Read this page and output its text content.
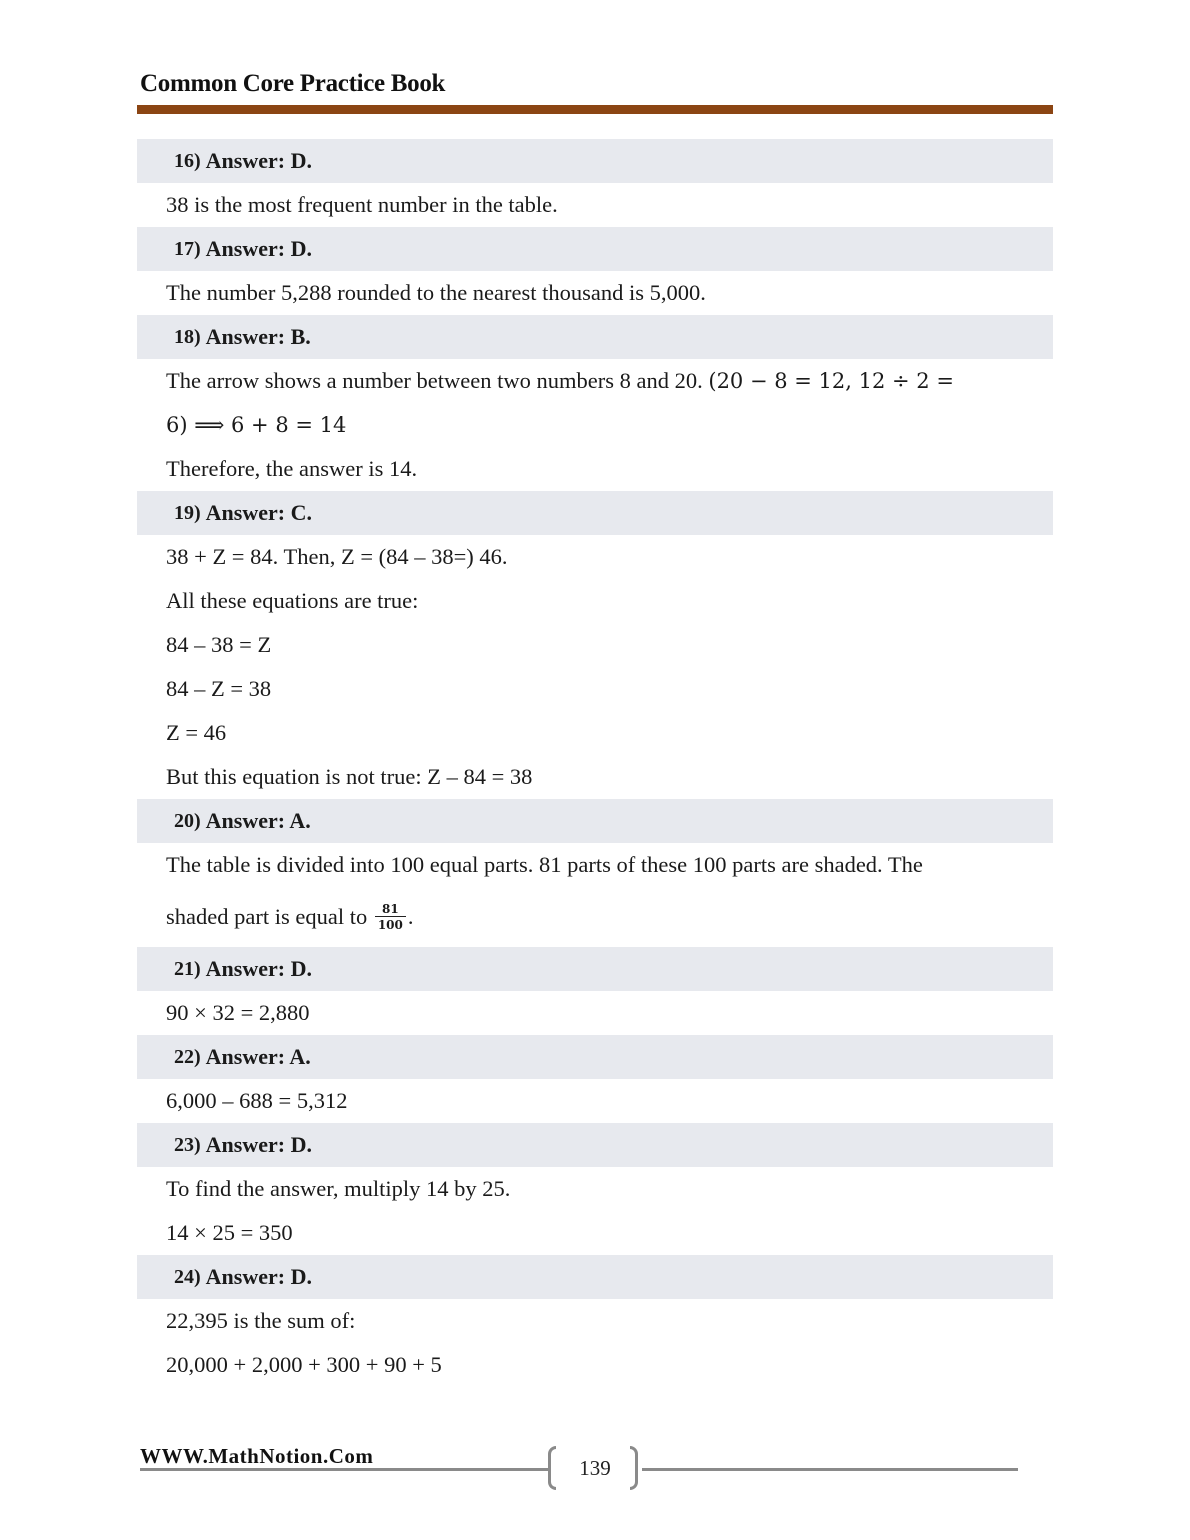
Common Core Practice Book
16) Answer: D.
38 is the most frequent number in the table.
17) Answer: D.
The number 5,288 rounded to the nearest thousand is 5,000.
18) Answer: B.
The arrow shows a number between two numbers 8 and 20. (20 − 8 = 12, 12 ÷ 2 =
6) ⟹ 6 + 8 = 14
Therefore, the answer is 14.
19) Answer: C.
38 + Z = 84. Then, Z = (84 – 38=) 46.
All these equations are true:
84 – 38 = Z
84 – Z = 38
Z = 46
But this equation is not true: Z – 84 = 38
20) Answer: A.
The table is divided into 100 equal parts. 81 parts of these 100 parts are shaded. The
shaded part is equal to $\frac{81}{100}$ .
21) Answer: D.
90 × 32 = 2,880
22) Answer: A.
6,000 – 688 = 5,312
23) Answer: D.
To find the answer, multiply 14 by 25.
14 × 25 = 350
24) Answer: D.
22,395 is the sum of:
20,000 + 2,000 + 300 + 90 + 5
WWW.MathNotion.Com	139
